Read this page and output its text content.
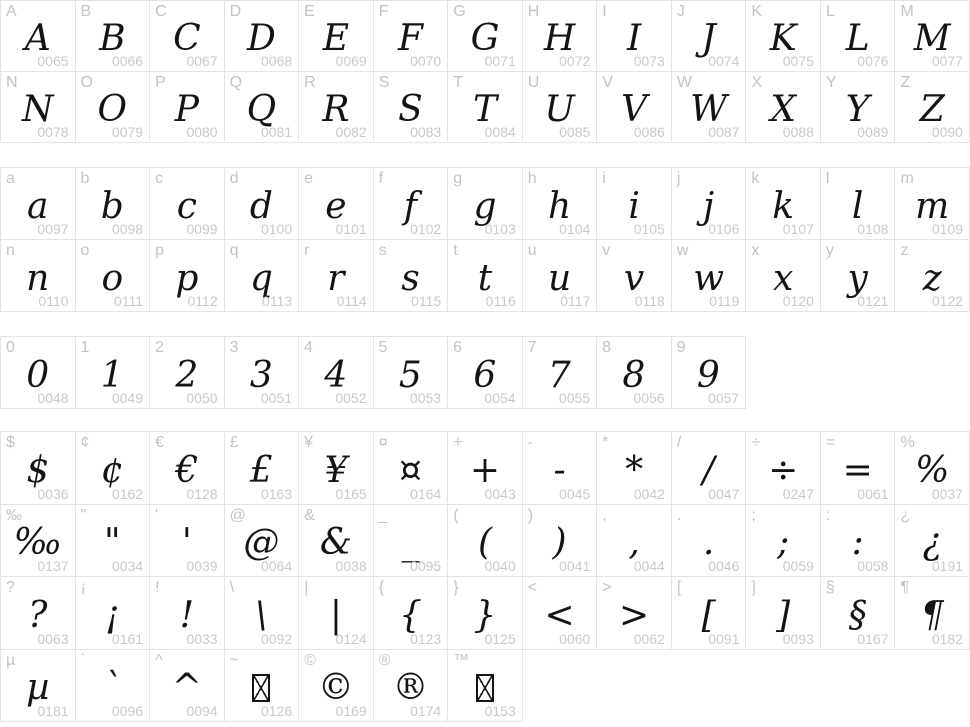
A
A
0065
B
B
0066
C
C
0067
D
D
0068
E
E
0069
F
F
0070
G
G
0071
H
H
0072
I
I
0073
J
J
0074
K
K
0075
L
L
0076
M
M
0077
N
N
0078
O
O
0079
P
P
0080
Q
Q
0081
R
R
0082
S
S
0083
T
T
0084
U
U
0085
V
V
0086
W
W
0087
X
X
0088
Y
Y
0089
Z
Z
0090
a
a
0097
b
b
0098
c
c
0099
d
d
0100
e
e
0101
f
f
0102
g
g
0103
h
h
0104
i
i
0105
j
j
0106
k
k
0107
l
l
0108
m
m
0109
n
n
0110
o
o
0111
p
p
0112
q
q
0113
r
r
0114
s
s
0115
t
t
0116
u
u
0117
v
v
0118
w
w
0119
x
x
0120
y
y
0121
z
z
0122
0
0
0048
1
1
0049
2
2
0050
3
3
0051
4
4
0052
5
5
0053
6
6
0054
7
7
0055
8
8
0056
9
9
0057
$
$
0036
¢
¢
0162
€
€
0128
£
£
0163
¥
¥
0165
¤
¤
0164
+
+
0043
-
-
0045
*
*
0042
/
/
0047
÷
÷
0247
=
=
0061
%
%
0037
‰
‰
0137
"
"
0034
'
'
0039
@
@
0064
&
&
0038
_
_
0095
(
(
0040
)
)
0041
,
,
0044
.
.
0046
;
;
0059
:
:
0058
¿
¿
0191
?
?
0063
¡
¡
0161
!
!
0033
\
\
0092
|
|
0124
{
{
0123
}
}
0125
<
<
0060
>
>
0062
[
[
0091
]
]
0093
§
§
0167
¶
¶
0182
µ
µ
0181
`
`
0096
^
^
0094
~
0126
©
©
0169
®
®
0174
™
0153
